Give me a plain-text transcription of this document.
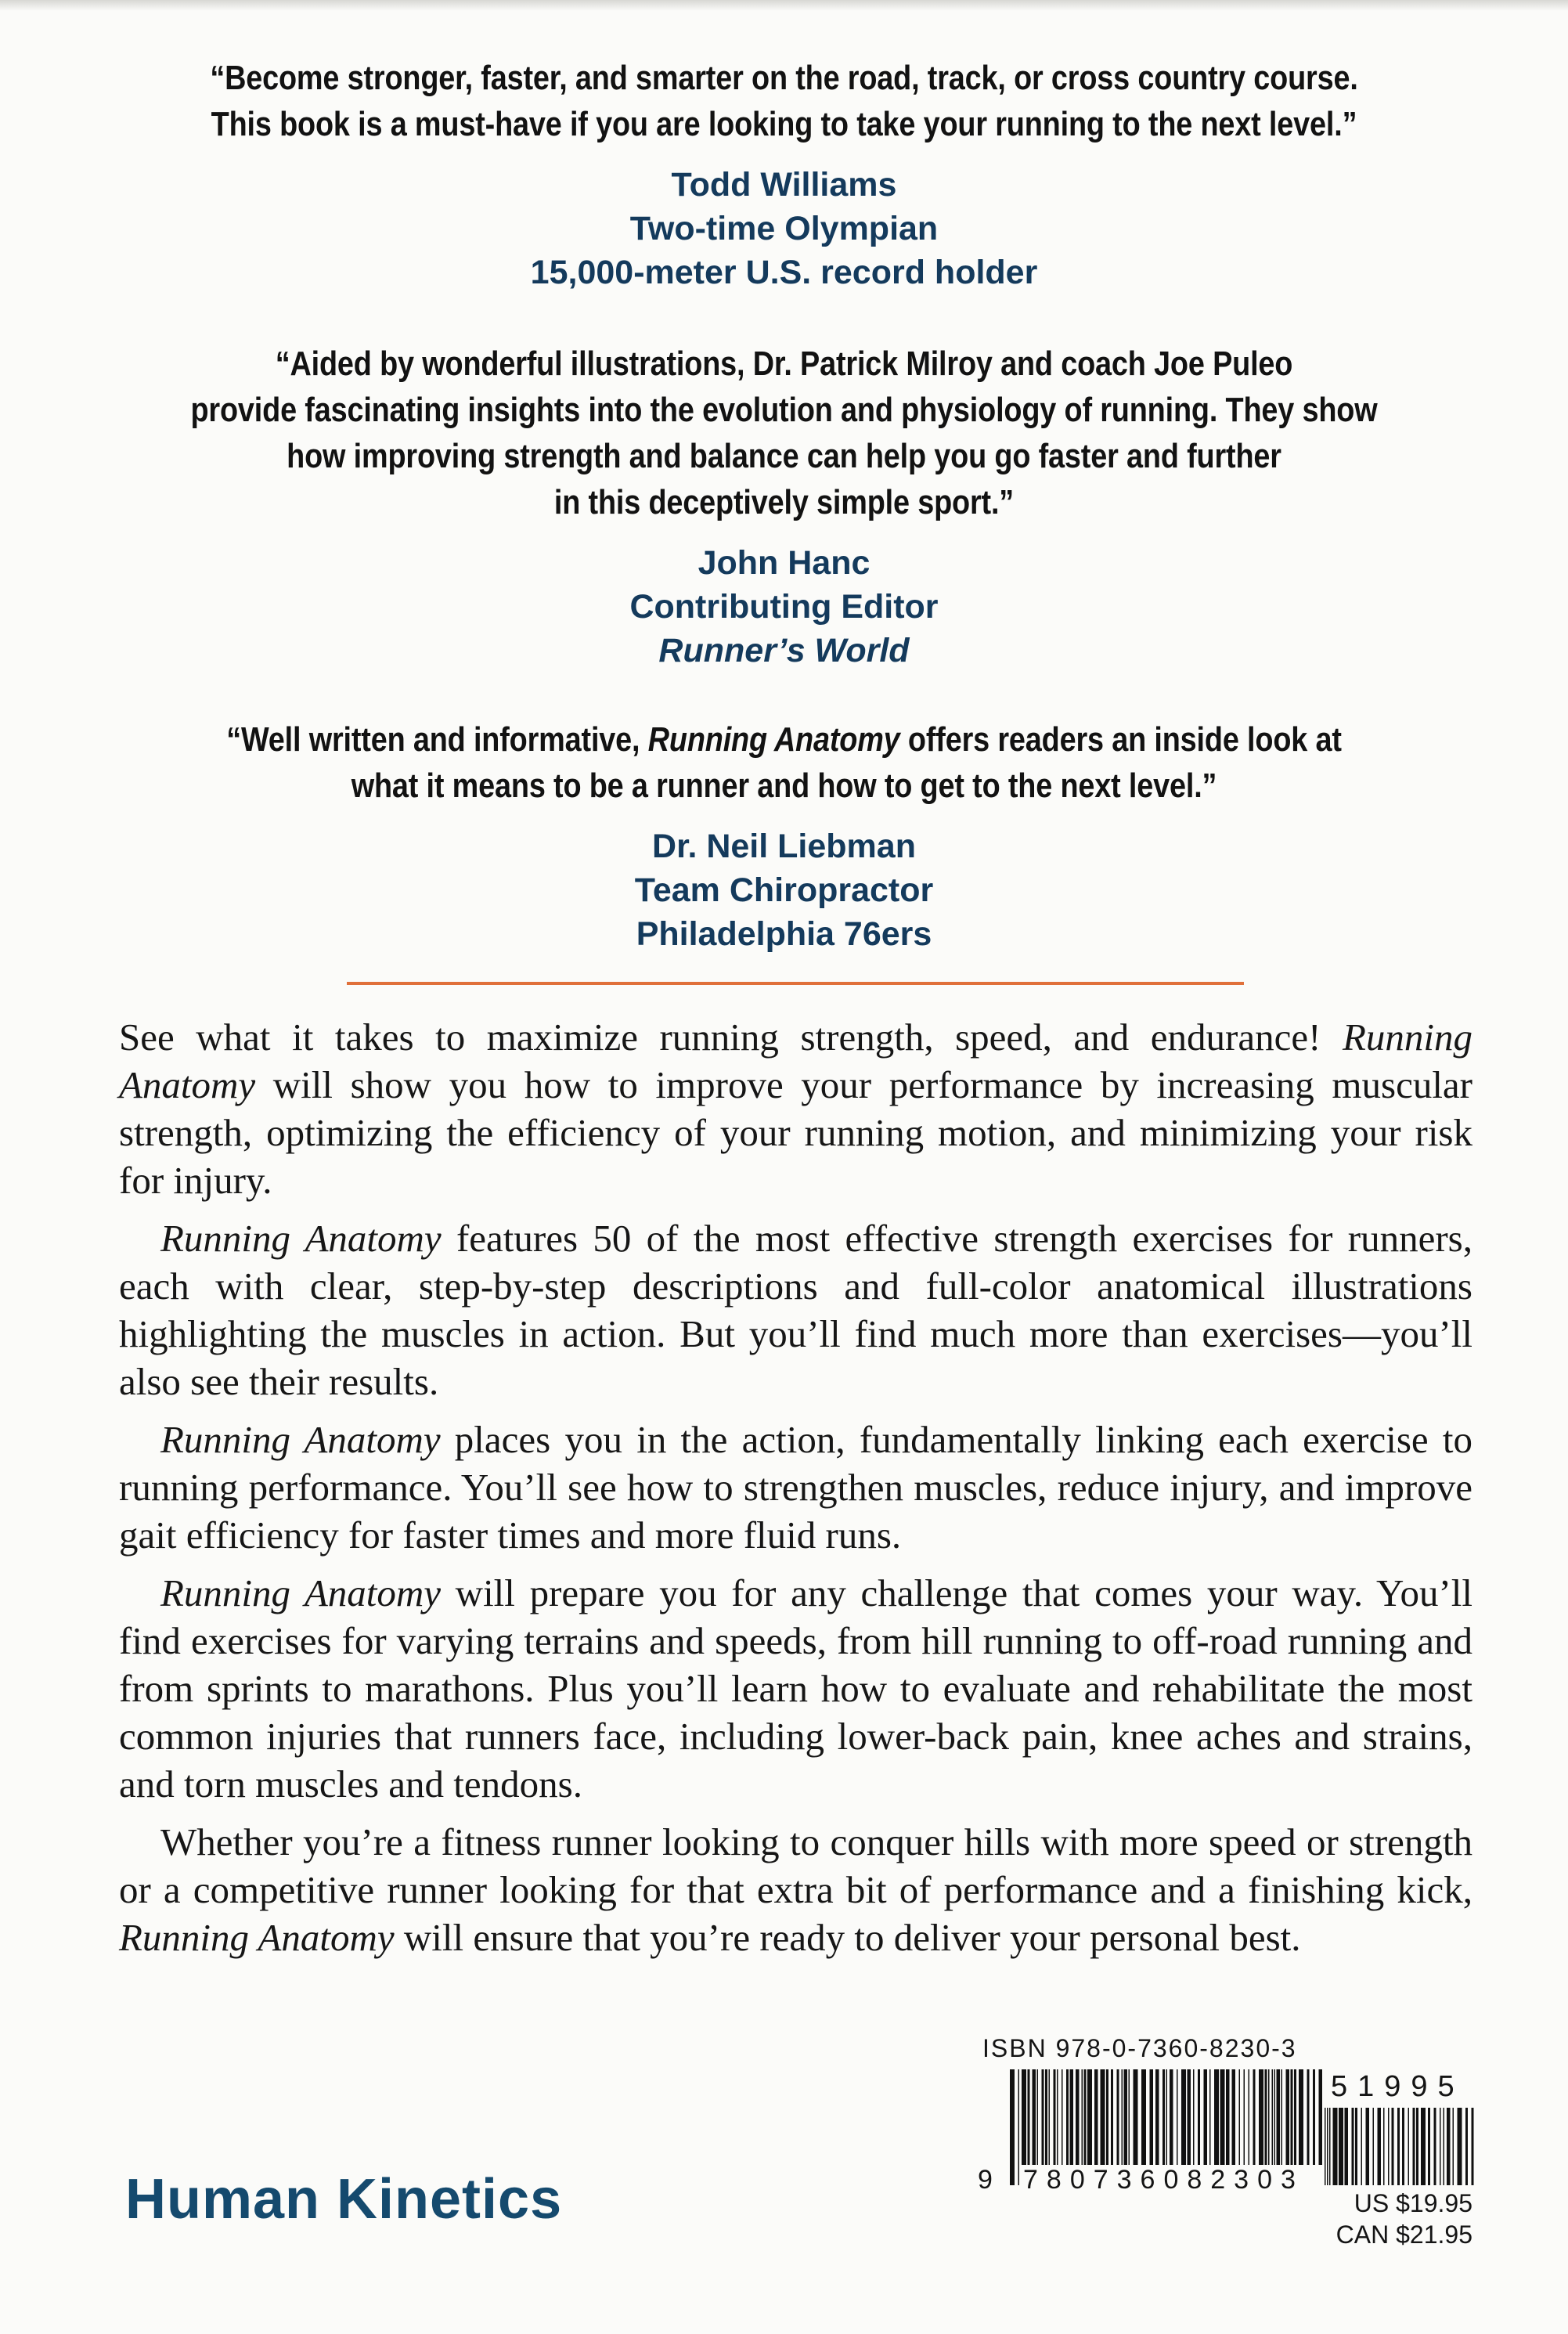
“Become stronger, faster, and smarter on the road, track, or cross country course.
This book is a must-have if you are looking to take your running to the next level.”

Todd Williams

Two-time Olympian

15,000-meter U.S. record holder

“Aided by wonderful illustrations, Dr. Patrick Milroy and coach Joe Puleo
provide fascinating insights into the evolution and physiology of running. They show
how improving strength and balance can help you go faster and further
in this deceptively simple sport.”

John Hanc

Contributing Editor

Runner’s World

“Well written and informative, Running Anatomy offers readers an inside look at
what it means to be a runner and how to get to the next level.”

Dr. Neil Liebman

Team Chiropractor

Philadelphia 76ers

See what it takes to maximize running strength, speed, and endurance! Running Anatomy will show you how to improve your performance by increasing muscular strength, optimizing the efficiency of your running motion, and minimizing your risk for injury.

Running Anatomy features 50 of the most effective strength exercises for runners, each with clear, step-by-step descriptions and full-color anatomical illustrations highlighting the muscles in action. But you’ll find much more than exercises—you’ll also see their results.

Running Anatomy places you in the action, fundamentally linking each exercise to running performance. You’ll see how to strengthen muscles, reduce injury, and improve gait efficiency for faster times and more fluid runs.

Running Anatomy will prepare you for any challenge that comes your way. You’ll find exercises for varying terrains and speeds, from hill running to off-road running and from sprints to marathons. Plus you’ll learn how to evaluate and rehabilitate the most common injuries that runners face, including lower-back pain, knee aches and strains, and torn muscles and tendons.

Whether you’re a fitness runner looking to conquer hills with more speed or strength or a competitive runner looking for that extra bit of performance and a finishing kick, Running Anatomy will ensure that you’re ready to deliver your personal best.

ISBN 978-0-7360-8230-3
51995
9 780736082303
US $19.95
CAN $21.95
Human Kinetics
